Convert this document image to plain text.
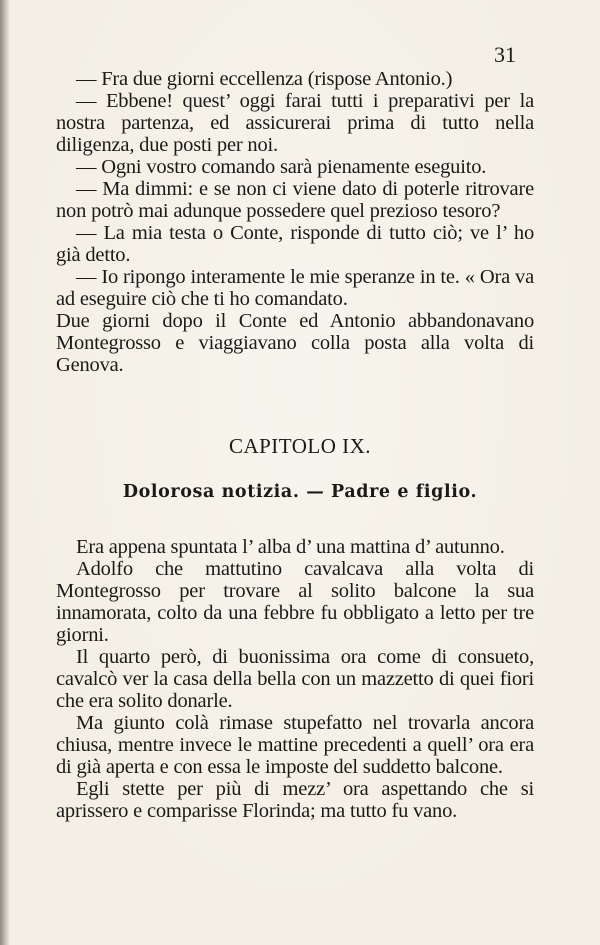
31
— Fra due giorni eccellenza (rispose Antonio.)
— Ebbene! quest’ oggi farai tutti i preparativi per la nostra partenza, ed assicurerai prima di tutto nella diligenza, due posti per noi.
— Ogni vostro comando sarà pienamente eseguito.
— Ma dimmi: e se non ci viene dato di poterle ritrovare non potrò mai adunque possedere quel prezioso tesoro?
— La mia testa o Conte, risponde di tutto ciò; ve l’ ho già detto.
— Io ripongo interamente le mie speranze in te. « Ora va ad eseguire ciò che ti ho comandato.
Due giorni dopo il Conte ed Antonio abbandonavano Montegrosso e viaggiavano colla posta alla volta di Genova.
CAPITOLO IX.
Dolorosa notizia. — Padre e figlio.
Era appena spuntata l’ alba d’ una mattina d’ autunno.
Adolfo che mattutino cavalcava alla volta di Montegrosso per trovare al solito balcone la sua innamorata, colto da una febbre fu obbligato a letto per tre giorni.
Il quarto però, di buonissima ora come di consueto, cavalcò ver la casa della bella con un mazzetto di quei fiori che era solito donarle.
Ma giunto colà rimase stupefatto nel trovarla ancora chiusa, mentre invece le mattine precedenti a quell’ ora era di già aperta e con essa le imposte del suddetto balcone.
Egli stette per più di mezz’ ora aspettando che si aprissero e comparisse Florinda; ma tutto fu vano.
